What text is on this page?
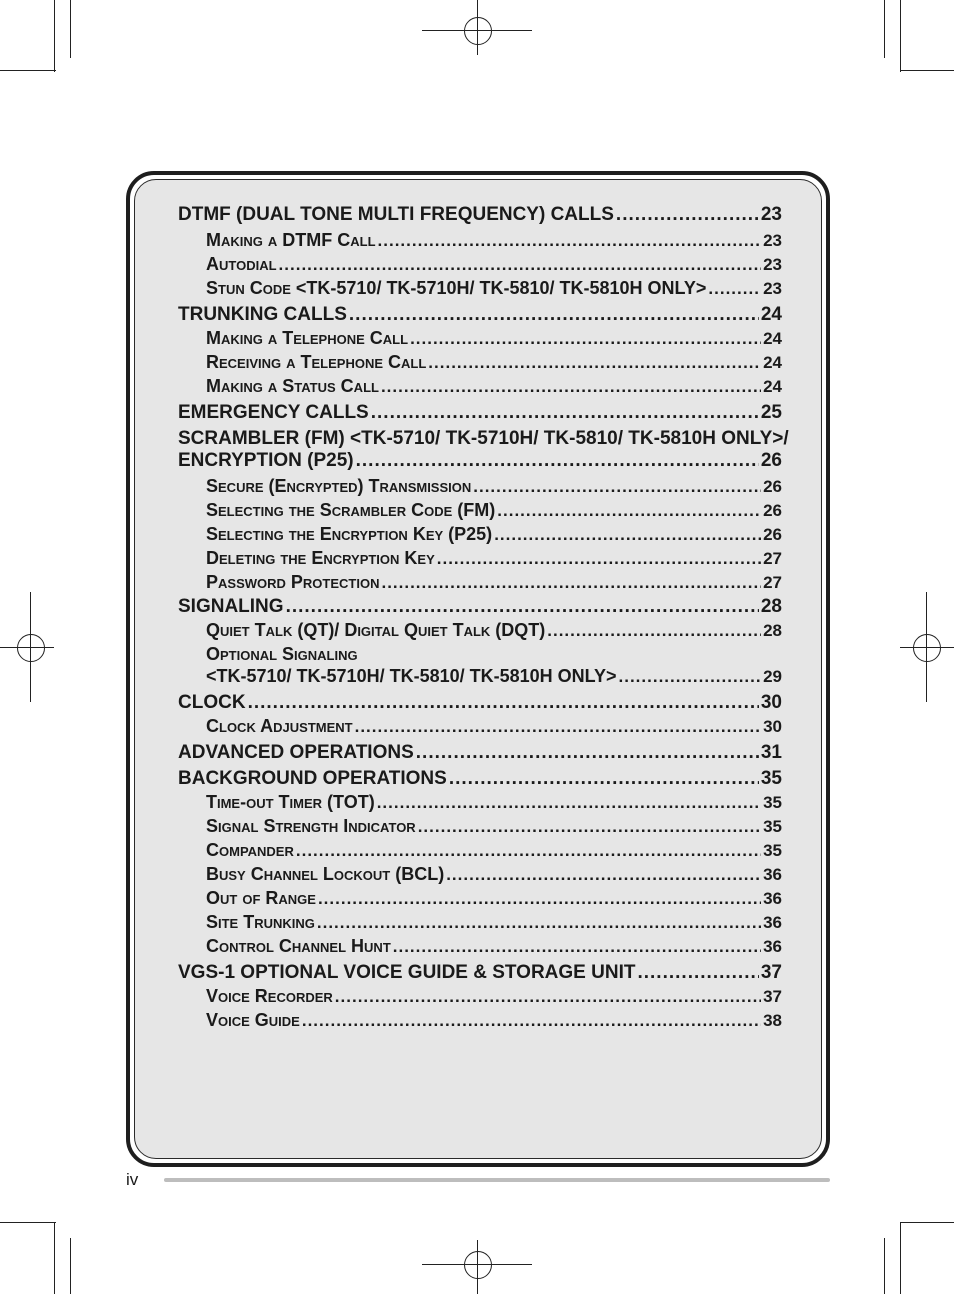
DTMF (DUAL TONE MULTI FREQUENCY) CALLS .....	23
Making a DTMF Call .....	23
Autodial .....	23
Stun Code <TK-5710/ TK-5710H/ TK-5810/ TK-5810H ONLY> .....	23
TRUNKING CALLS .....	24
Making a Telephone Call .....	24
Receiving a Telephone Call .....	24
Making a Status Call .....	24
EMERGENCY CALLS .....	25
SCRAMBLER (FM) <TK-5710/ TK-5710H/ TK-5810/ TK-5810H ONLY>/
ENCRYPTION (P25) .....	26
Secure (Encrypted) Transmission .....	26
Selecting the Scrambler Code (FM) .....	26
Selecting the Encryption Key (P25) .....	26
Deleting the Encryption Key .....	27
Password Protection .....	27
SIGNALING .....	28
Quiet Talk (QT)/ Digital Quiet Talk (DQT) .....	28
Optional Signaling
<TK-5710/ TK-5710H/ TK-5810/ TK-5810H ONLY> .....	29
CLOCK .....	30
Clock Adjustment .....	30
ADVANCED OPERATIONS .....	31
BACKGROUND OPERATIONS .....	35
Time-out Timer (TOT) .....	35
Signal Strength Indicator .....	35
Compander .....	35
Busy Channel Lockout (BCL) .....	36
Out of Range .....	36
Site Trunking .....	36
Control Channel Hunt .....	36
VGS-1 OPTIONAL VOICE GUIDE & STORAGE UNIT .....	37
Voice Recorder .....	37
Voice Guide .....	38
iv
